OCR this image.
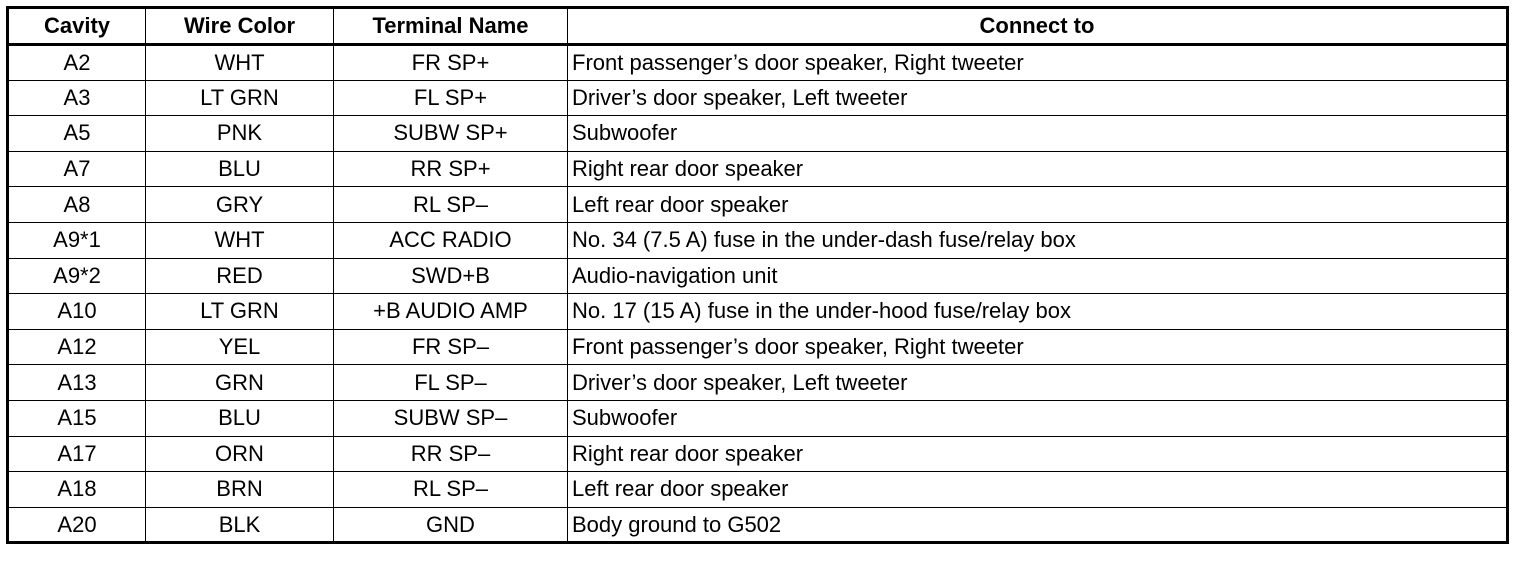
Cavity	Wire Color	Terminal Name	Connect to
A2	WHT	FR SP+	Front passenger’s door speaker, Right tweeter
A3	LT GRN	FL SP+	Driver’s door speaker, Left tweeter
A5	PNK	SUBW SP+	Subwoofer
A7	BLU	RR SP+	Right rear door speaker
A8	GRY	RL SP–	Left rear door speaker
A9*1	WHT	ACC RADIO	No. 34 (7.5 A) fuse in the under-dash fuse/relay box
A9*2	RED	SWD+B	Audio-navigation unit
A10	LT GRN	+B AUDIO AMP	No. 17 (15 A) fuse in the under-hood fuse/relay box
A12	YEL	FR SP–	Front passenger’s door speaker, Right tweeter
A13	GRN	FL SP–	Driver’s door speaker, Left tweeter
A15	BLU	SUBW SP–	Subwoofer
A17	ORN	RR SP–	Right rear door speaker
A18	BRN	RL SP–	Left rear door speaker
A20	BLK	GND	Body ground to G502
